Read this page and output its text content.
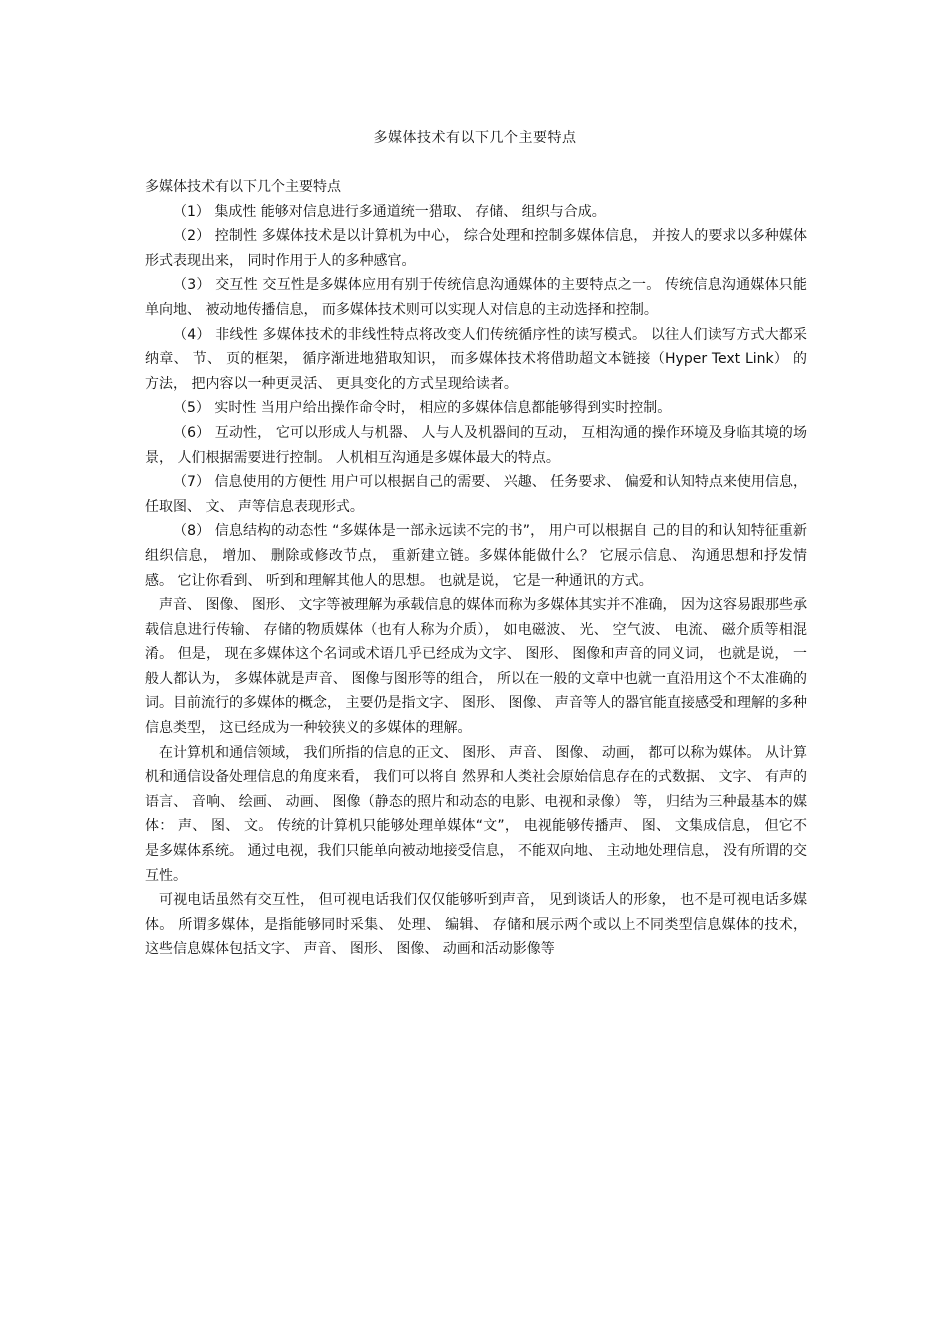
多媒体技术有以下几个主要特点

多媒体技术有以下几个主要特点

（1） 集成性 能够对信息进行多通道统一猎取、 存储、 组织与合成。

（2） 控制性 多媒体技术是以计算机为中心， 综合处理和控制多媒体信息， 并按人的要求以多种媒体形式表现出来， 同时作用于人的多种感官。

（3） 交互性 交互性是多媒体应用有别于传统信息沟通媒体的主要特点之一。 传统信息沟通媒体只能单向地、 被动地传播信息， 而多媒体技术则可以实现人对信息的主动选择和控制。

（4） 非线性 多媒体技术的非线性特点将改变人们传统循序性的读写模式。 以往人们读写方式大都采纳章、 节、 页的框架， 循序渐进地猎取知识， 而多媒体技术将借助超文本链接（Hyper Text Link） 的方法， 把内容以一种更灵活、 更具变化的方式呈现给读者。

（5） 实时性 当用户给出操作命令时， 相应的多媒体信息都能够得到实时控制。

（6） 互动性， 它可以形成人与机器、 人与人及机器间的互动， 互相沟通的操作环境及身临其境的场景， 人们根据需要进行控制。 人机相互沟通是多媒体最大的特点。

（7） 信息使用的方便性 用户可以根据自己的需要、 兴趣、 任务要求、 偏爱和认知特点来使用信息， 任取图、 文、 声等信息表现形式。

（8） 信息结构的动态性 “多媒体是一部永远读不完的书”， 用户可以根据自 己的目的和认知特征重新组织信息， 增加、 删除或修改节点， 重新建立链。多媒体能做什么？ 它展示信息、 沟通思想和抒发情感。 它让你看到、 听到和理解其他人的思想。 也就是说， 它是一种通讯的方式。

声音、 图像、 图形、 文字等被理解为承载信息的媒体而称为多媒体其实并不准确， 因为这容易跟那些承载信息进行传输、 存储的物质媒体（也有人称为介质）， 如电磁波、 光、 空气波、 电流、 磁介质等相混淆。 但是， 现在多媒体这个名词或术语几乎已经成为文字、 图形、 图像和声音的同义词， 也就是说， 一般人都认为， 多媒体就是声音、 图像与图形等的组合， 所以在一般的文章中也就一直沿用这个不太准确的词。目前流行的多媒体的概念， 主要仍是指文字、 图形、 图像、 声音等人的器官能直接感受和理解的多种信息类型， 这已经成为一种较狭义的多媒体的理解。

在计算机和通信领域， 我们所指的信息的正文、 图形、 声音、 图像、 动画， 都可以称为媒体。 从计算机和通信设备处理信息的角度来看， 我们可以将自 然界和人类社会原始信息存在的式数据、 文字、 有声的语言、 音响、 绘画、 动画、 图像（静态的照片和动态的电影、电视和录像） 等， 归结为三种最基本的媒体： 声、 图、 文。 传统的计算机只能够处理单媒体“文”， 电视能够传播声、 图、 文集成信息， 但它不是多媒体系统。 通过电视，我们只能单向被动地接受信息， 不能双向地、 主动地处理信息， 没有所谓的交互性。

可视电话虽然有交互性， 但可视电话我们仅仅能够听到声音， 见到谈话人的形象， 也不是可视电话多媒体。 所谓多媒体，是指能够同时采集、 处理、 编辑、 存储和展示两个或以上不同类型信息媒体的技术， 这些信息媒体包括文字、 声音、 图形、 图像、 动画和活动影像等
